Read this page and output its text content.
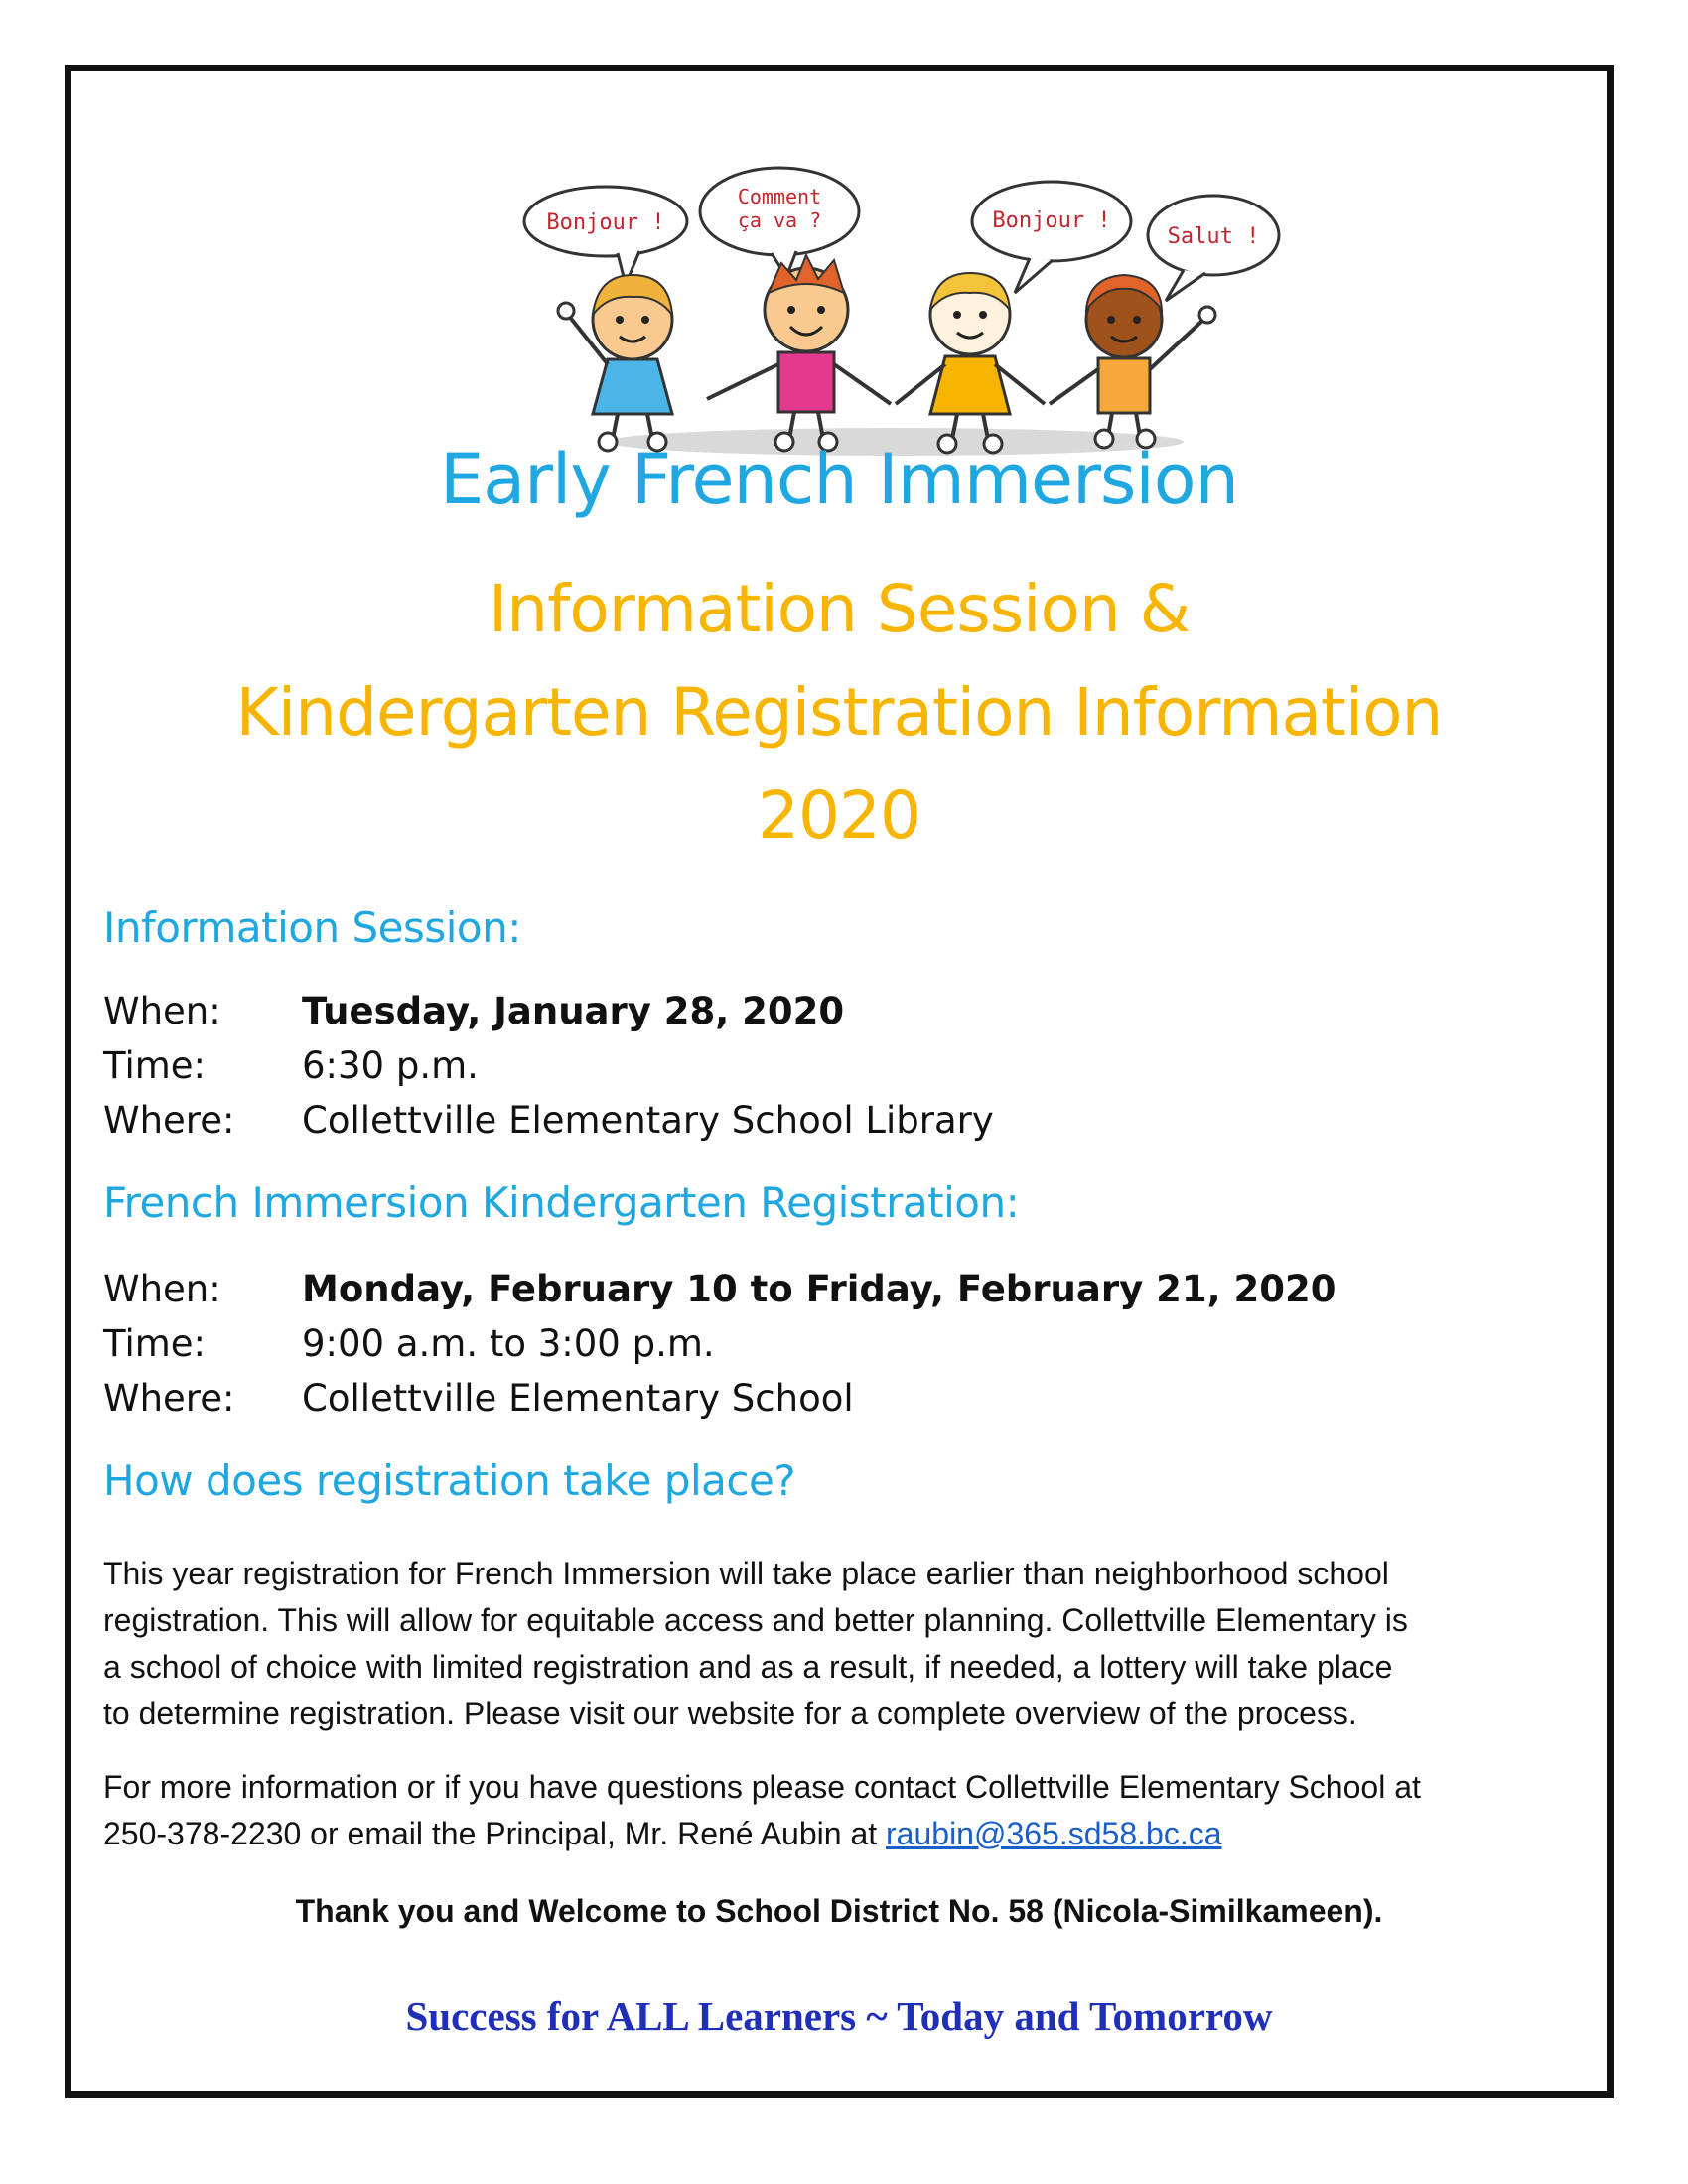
Bonjour !
Comment
ça va ?	Bonjour !
Salut !
Early French Immersion
Information Session &
Kindergarten Registration Information
2020
Information Session:
When:	Tuesday, January 28, 2020
Time:	6:30 p.m.
Where:	Collettville Elementary School Library
French Immersion Kindergarten Registration:
When:	Monday, February 10 to Friday, February 21, 2020
Time:	9:00 a.m. to 3:00 p.m.
Where:	Collettville Elementary School
How does registration take place?
This year registration for French Immersion will take place earlier than neighborhood school
registration. This will allow for equitable access and better planning. Collettville Elementary is
a school of choice with limited registration and as a result, if needed, a lottery will take place
to determine registration. Please visit our website for a complete overview of the process.
For more information or if you have questions please contact Collettville Elementary School at
250-378-2230 or email the Principal, Mr. René Aubin at raubin@365.sd58.bc.ca
Thank you and Welcome to School District No. 58 (Nicola-Similkameen).
Success for ALL Learners ~ Today and Tomorrow
